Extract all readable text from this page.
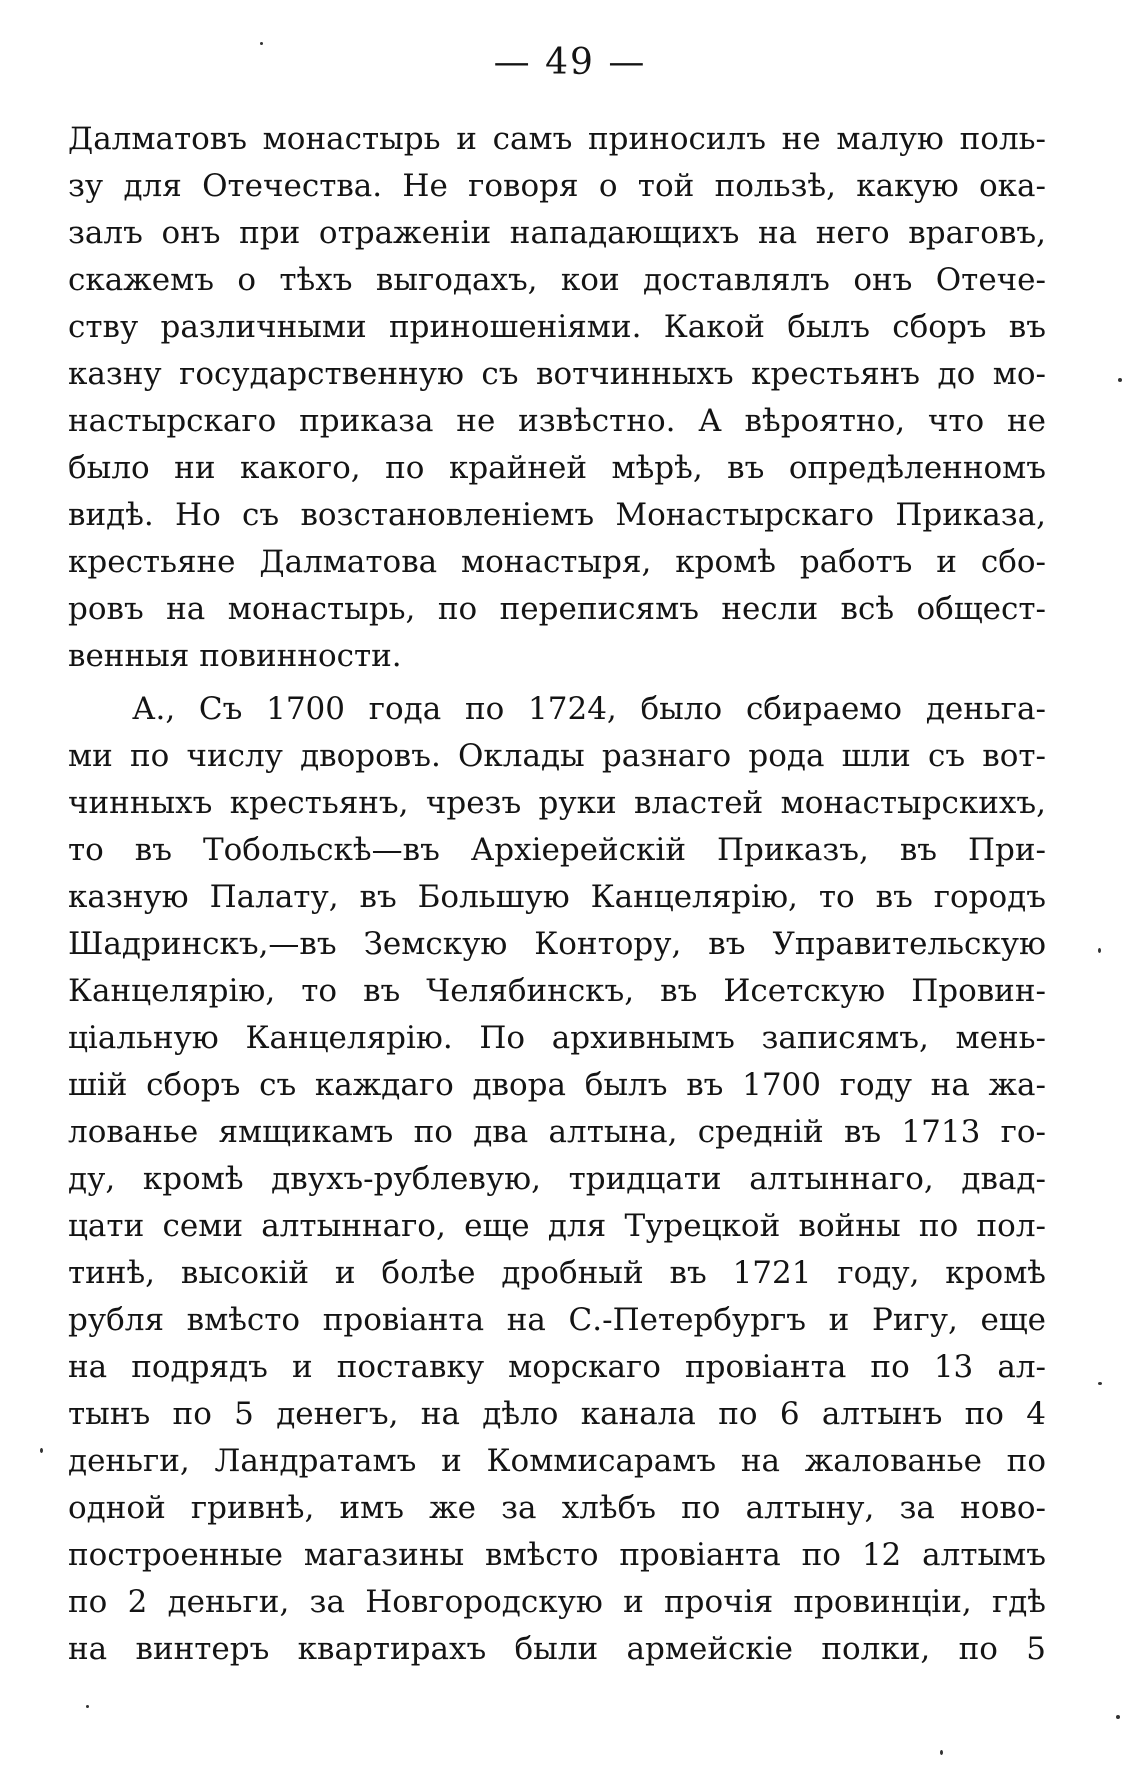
— 49 —
Далматовъ монастырь и самъ приносилъ не малую поль-
зу для Отечества. Не говоря о той пользѣ, какую ока-
залъ онъ при отраженіи нападающихъ на него враговъ,
скажемъ о тѣхъ выгодахъ, кои доставлялъ онъ Отече-
ству различными приношеніями. Какой былъ сборъ въ
казну государственную съ вотчинныхъ крестьянъ до мо-
настырскаго приказа не извѣстно. А вѣроятно, что не
было ни какого, по крайней мѣрѣ, въ опредѣленномъ
видѣ. Но съ возстановленіемъ Монастырскаго Приказа,
крестьяне Далматова монастыря, кромѣ работъ и сбо-
ровъ на монастырь, по переписямъ несли всѣ общест-
венныя повинности.
А., Съ 1700 года по 1724, было сбираемо деньга-
ми по числу дворовъ. Оклады разнаго рода шли съ вот-
чинныхъ крестьянъ, чрезъ руки властей монастырскихъ,
то въ Тобольскѣ—въ Архіерейскій Приказъ, въ При-
казную Палату, въ Большую Канцелярію, то въ городъ
Шадринскъ,—въ Земскую Контору, въ Управительскую
Канцелярію, то въ Челябинскъ, въ Исетскую Провин-
ціальную Канцелярію. По архивнымъ записямъ, мень-
шій сборъ съ каждаго двора былъ въ 1700 году на жа-
лованье ямщикамъ по два алтына, средній въ 1713 го-
ду, кромѣ двухъ-рублевую, тридцати алтыннаго, двад-
цати семи алтыннаго, еще для Турецкой войны по пол-
тинѣ, высокій и болѣе дробный въ 1721 году, кромѣ
рубля вмѣсто провіанта на С.-Петербургъ и Ригу, еще
на подрядъ и поставку морскаго провіанта по 13 ал-
тынъ по 5 денегъ, на дѣло канала по 6 алтынъ по 4
деньги, Ландратамъ и Коммисарамъ на жалованье по
одной гривнѣ, имъ же за хлѣбъ по алтыну, за ново-
построенные магазины вмѣсто провіанта по 12 алтымъ
по 2 деньги, за Новгородскую и прочія провинціи, гдѣ
на винтеръ квартирахъ были армейскіе полки, по 5
